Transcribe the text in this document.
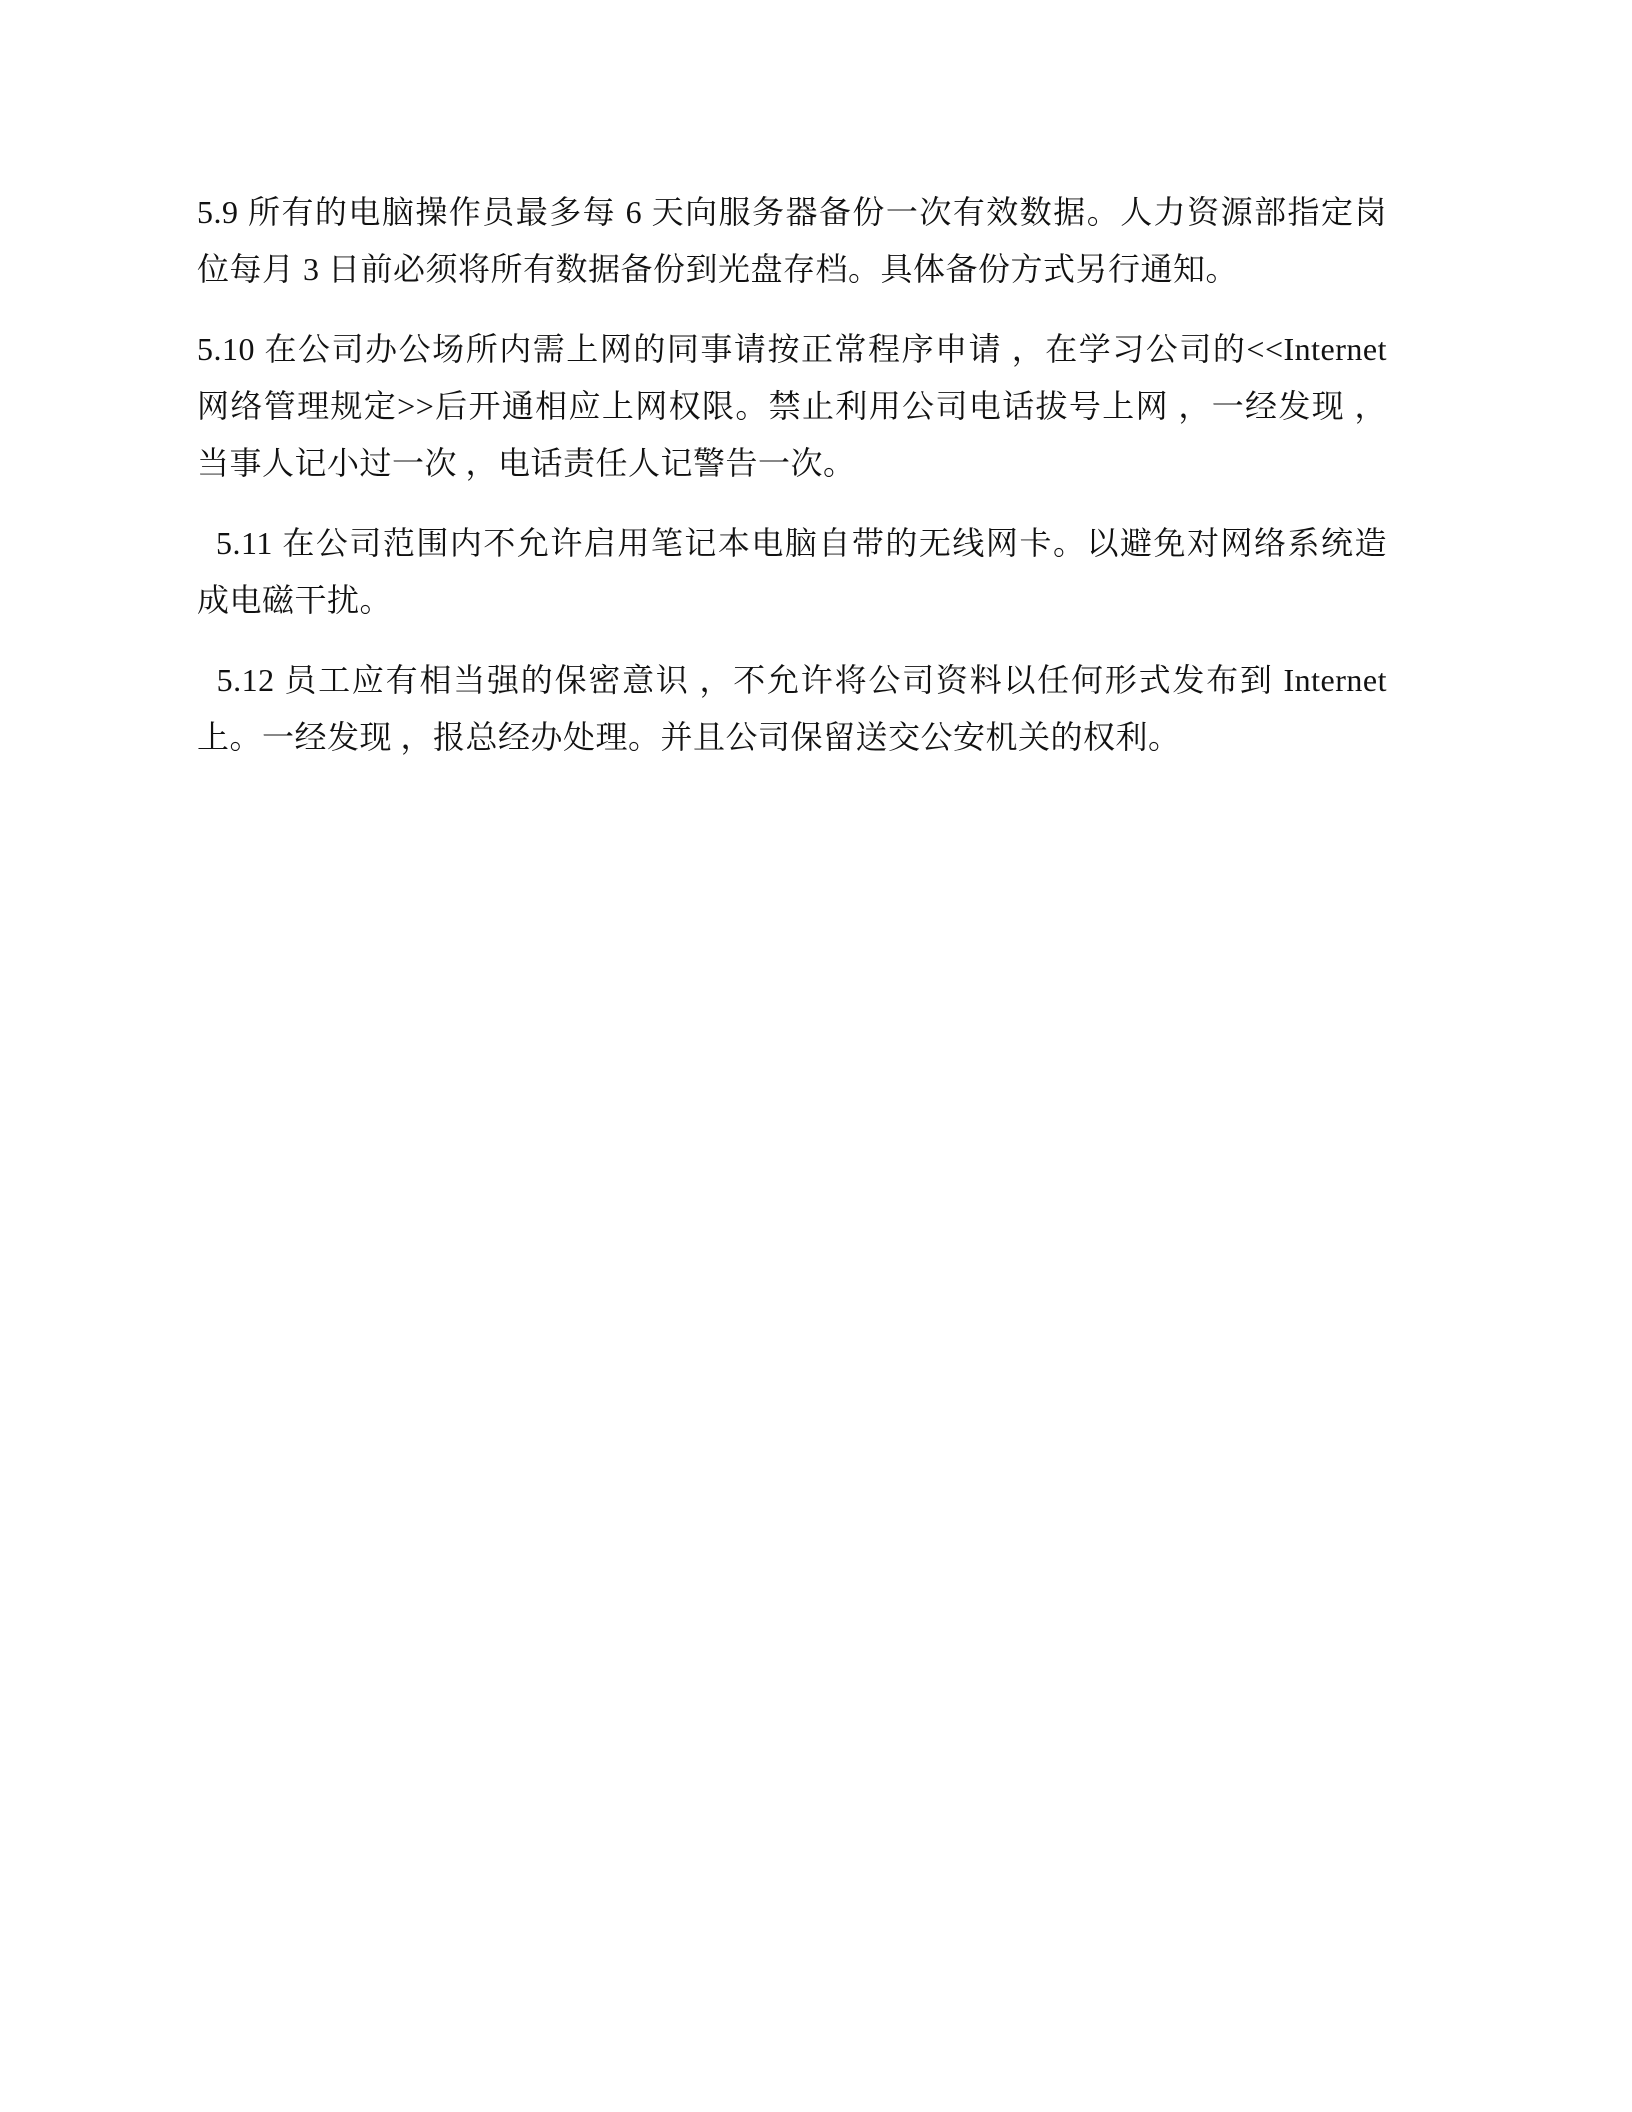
5.9 所有的电脑操作员最多每 6 天向服务器备份一次有效数据。人力资源部指定岗
位每月 3 日前必须将所有数据备份到光盘存档。具体备份方式另行通知。
5.10 在公司办公场所内需上网的同事请按正常程序申请 ，在学习公司的<<Internet
网络管理规定>>后开通相应上网权限。禁止利用公司电话拔号上网 ，一经发现 ，
当事人记小过一次 ，电话责任人记警告一次。
5.11 在公司范围内不允许启用笔记本电脑自带的无线网卡。以避免对网络系统造
成电磁干扰。
5.12 员工应有相当强的保密意识 ，不允许将公司资料以任何形式发布到 Internet
上。一经发现 ，报总经办处理。并且公司保留送交公安机关的权利。
